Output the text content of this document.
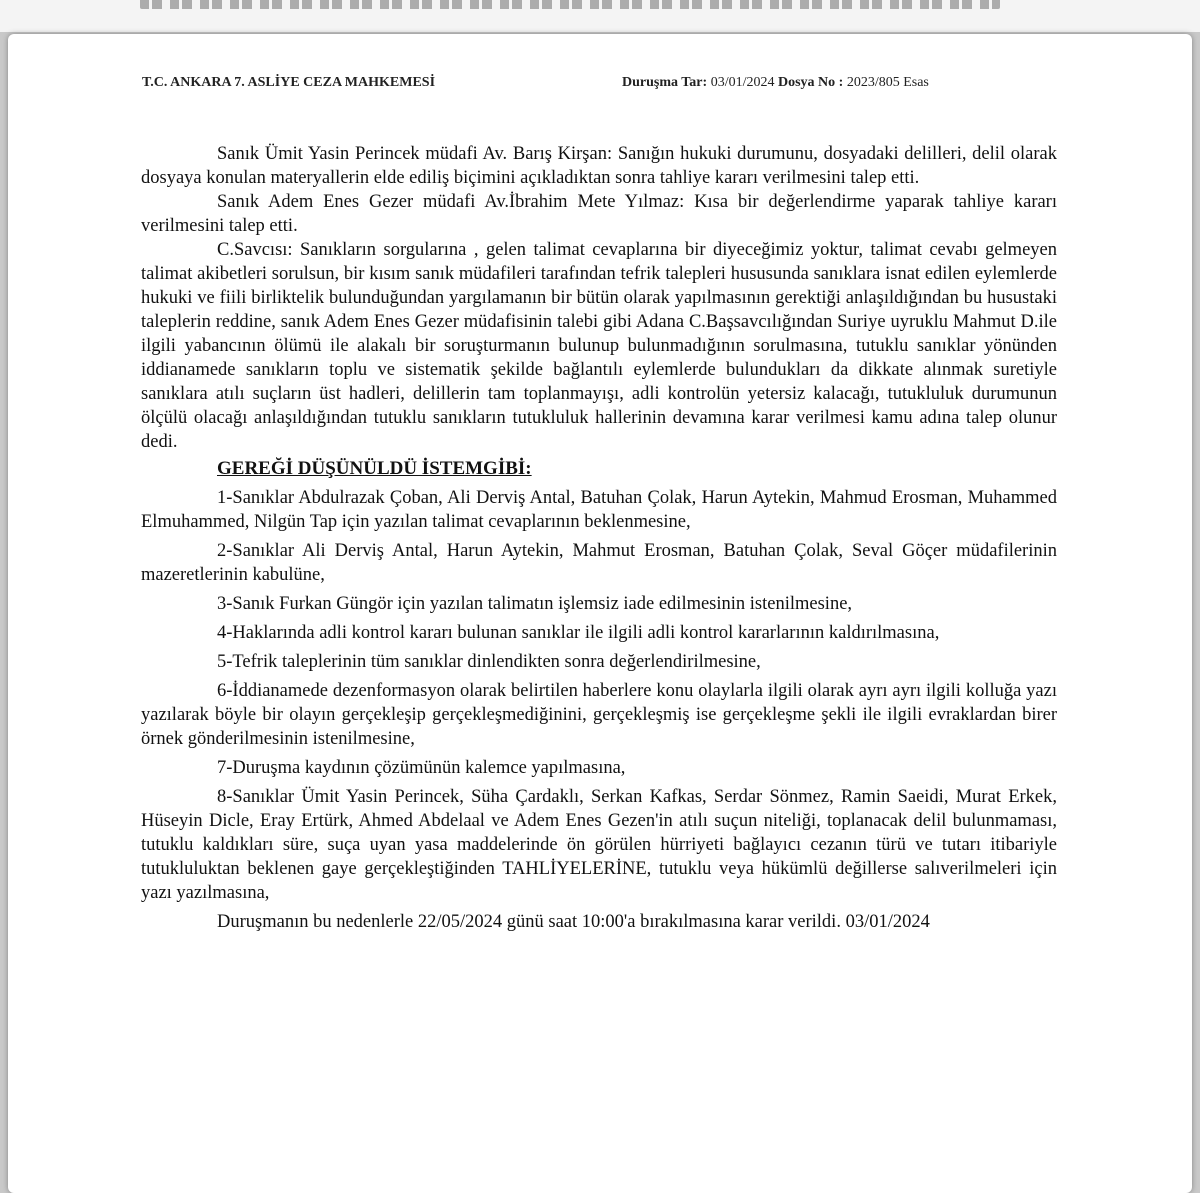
T.C. ANKARA 7. ASLİYE CEZA MAHKEMESİ	Duruşma Tar: 03/01/2024 Dosya No : 2023/805 Esas

Sanık Ümit Yasin Perincek müdafi Av. Barış Kirşan: Sanığın hukuki durumunu, dosyadaki delilleri, delil olarak dosyaya konulan materyallerin elde ediliş biçimini açıkladıktan sonra tahliye kararı verilmesini talep etti.

Sanık Adem Enes Gezer müdafi Av.İbrahim Mete Yılmaz: Kısa bir değerlendirme yaparak tahliye kararı verilmesini talep etti.

C.Savcısı: Sanıkların sorgularına , gelen talimat cevaplarına bir diyeceğimiz yoktur, talimat cevabı gelmeyen talimat akibetleri sorulsun, bir kısım sanık müdafileri tarafından tefrik talepleri hususunda sanıklara isnat edilen eylemlerde hukuki ve fiili birliktelik bulunduğundan yargılamanın bir bütün olarak yapılmasının gerektiği anlaşıldığından bu husustaki taleplerin reddine, sanık Adem Enes Gezer müdafisinin talebi gibi Adana C.Başsavcılığından Suriye uyruklu Mahmut D.ile ilgili yabancının ölümü ile alakalı bir soruşturmanın bulunup bulunmadığının sorulmasına, tutuklu sanıklar yönünden iddianamede sanıkların toplu ve sistematik şekilde bağlantılı eylemlerde bulundukları da dikkate alınmak suretiyle sanıklara atılı suçların üst hadleri, delillerin tam toplanmayışı, adli kontrolün yetersiz kalacağı, tutukluluk durumunun ölçülü olacağı anlaşıldığından tutuklu sanıkların tutukluluk hallerinin devamına karar verilmesi kamu adına talep olunur dedi.

GEREĞİ DÜŞÜNÜLDÜ İSTEMGİBİ:

1-Sanıklar Abdulrazak Çoban, Ali Derviş Antal, Batuhan Çolak, Harun Aytekin, Mahmud Erosman, Muhammed Elmuhammed, Nilgün Tap için yazılan talimat cevaplarının beklenmesine,

2-Sanıklar Ali Derviş Antal, Harun Aytekin, Mahmut Erosman, Batuhan Çolak, Seval Göçer müdafilerinin mazeretlerinin kabulüne,

3-Sanık Furkan Güngör için yazılan talimatın işlemsiz iade edilmesinin istenilmesine,

4-Haklarında adli kontrol kararı bulunan sanıklar ile ilgili adli kontrol kararlarının kaldırılmasına,

5-Tefrik taleplerinin tüm sanıklar dinlendikten sonra değerlendirilmesine,

6-İddianamede dezenformasyon olarak belirtilen haberlere konu olaylarla ilgili olarak ayrı ayrı ilgili kolluğa yazı yazılarak böyle bir olayın gerçekleşip gerçekleşmediğinini, gerçekleşmiş ise gerçekleşme şekli ile ilgili evraklardan birer örnek gönderilmesinin istenilmesine,

7-Duruşma kaydının çözümünün kalemce yapılmasına,

8-Sanıklar Ümit Yasin Perincek, Süha Çardaklı, Serkan Kafkas, Serdar Sönmez, Ramin Saeidi, Murat Erkek, Hüseyin Dicle, Eray Ertürk, Ahmed Abdelaal ve Adem Enes Gezen'in atılı suçun niteliği, toplanacak delil bulunmaması, tutuklu kaldıkları süre, suça uyan yasa maddelerinde ön görülen hürriyeti bağlayıcı cezanın türü ve tutarı itibariyle tutukluluktan beklenen gaye gerçekleştiğinden TAHLİYELERİNE, tutuklu veya hükümlü değillerse salıverilmeleri için yazı yazılmasına,

Duruşmanın bu nedenlerle 22/05/2024 günü saat 10:00'a bırakılmasına karar verildi. 03/01/2024
